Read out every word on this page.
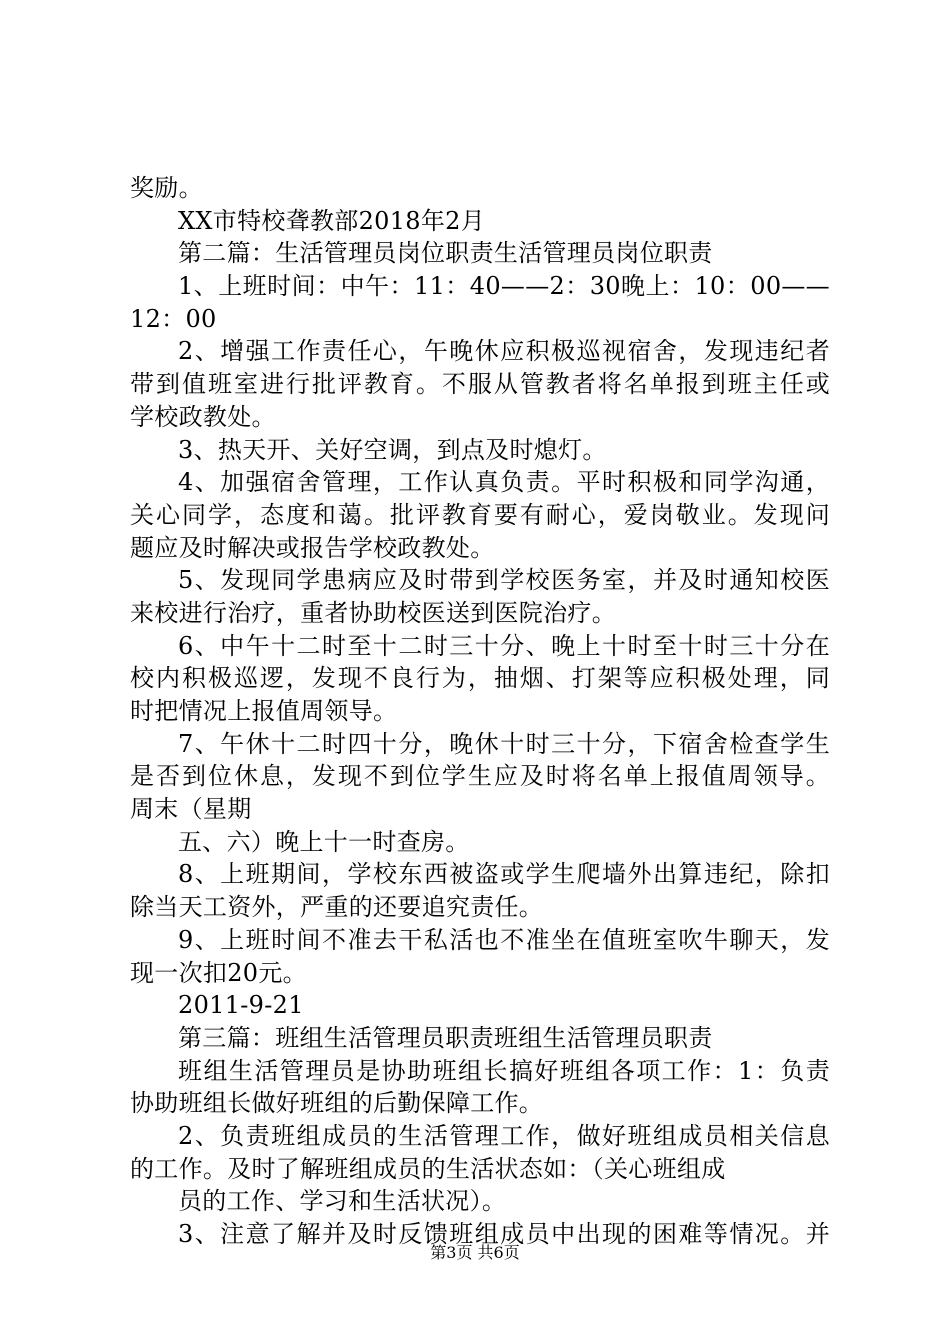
奖励。
XX市特校聋教部2018年2月
第二篇：生活管理员岗位职责生活管理员岗位职责
1、上班时间：中午：11：40——2：30晚上：10：00——
12：00
2、增强工作责任心，午晚休应积极巡视宿舍，发现违纪者
带到值班室进行批评教育。不服从管教者将名单报到班主任或
学校政教处。
3、热天开、关好空调，到点及时熄灯。
4、加强宿舍管理，工作认真负责。平时积极和同学沟通，
关心同学，态度和蔼。批评教育要有耐心，爱岗敬业。发现问
题应及时解决或报告学校政教处。
5、发现同学患病应及时带到学校医务室，并及时通知校医
来校进行治疗，重者协助校医送到医院治疗。
6、中午十二时至十二时三十分、晚上十时至十时三十分在
校内积极巡逻，发现不良行为，抽烟、打架等应积极处理，同
时把情况上报值周领导。
7、午休十二时四十分，晚休十时三十分，下宿舍检查学生
是否到位休息，发现不到位学生应及时将名单上报值周领导。
周末（星期
五、六）晚上十一时查房。
8、上班期间，学校东西被盗或学生爬墙外出算违纪，除扣
除当天工资外，严重的还要追究责任。
9、上班时间不准去干私活也不准坐在值班室吹牛聊天，发
现一次扣20元。
2011-9-21
第三篇：班组生活管理员职责班组生活管理员职责
班组生活管理员是协助班组长搞好班组各项工作：1：负责
协助班组长做好班组的后勤保障工作。
2、负责班组成员的生活管理工作，做好班组成员相关信息
的工作。及时了解班组成员的生活状态如：（关心班组成
员的工作、学习和生活状况）。
3、注意了解并及时反馈班组成员中出现的困难等情况。并
第3页 共6页
